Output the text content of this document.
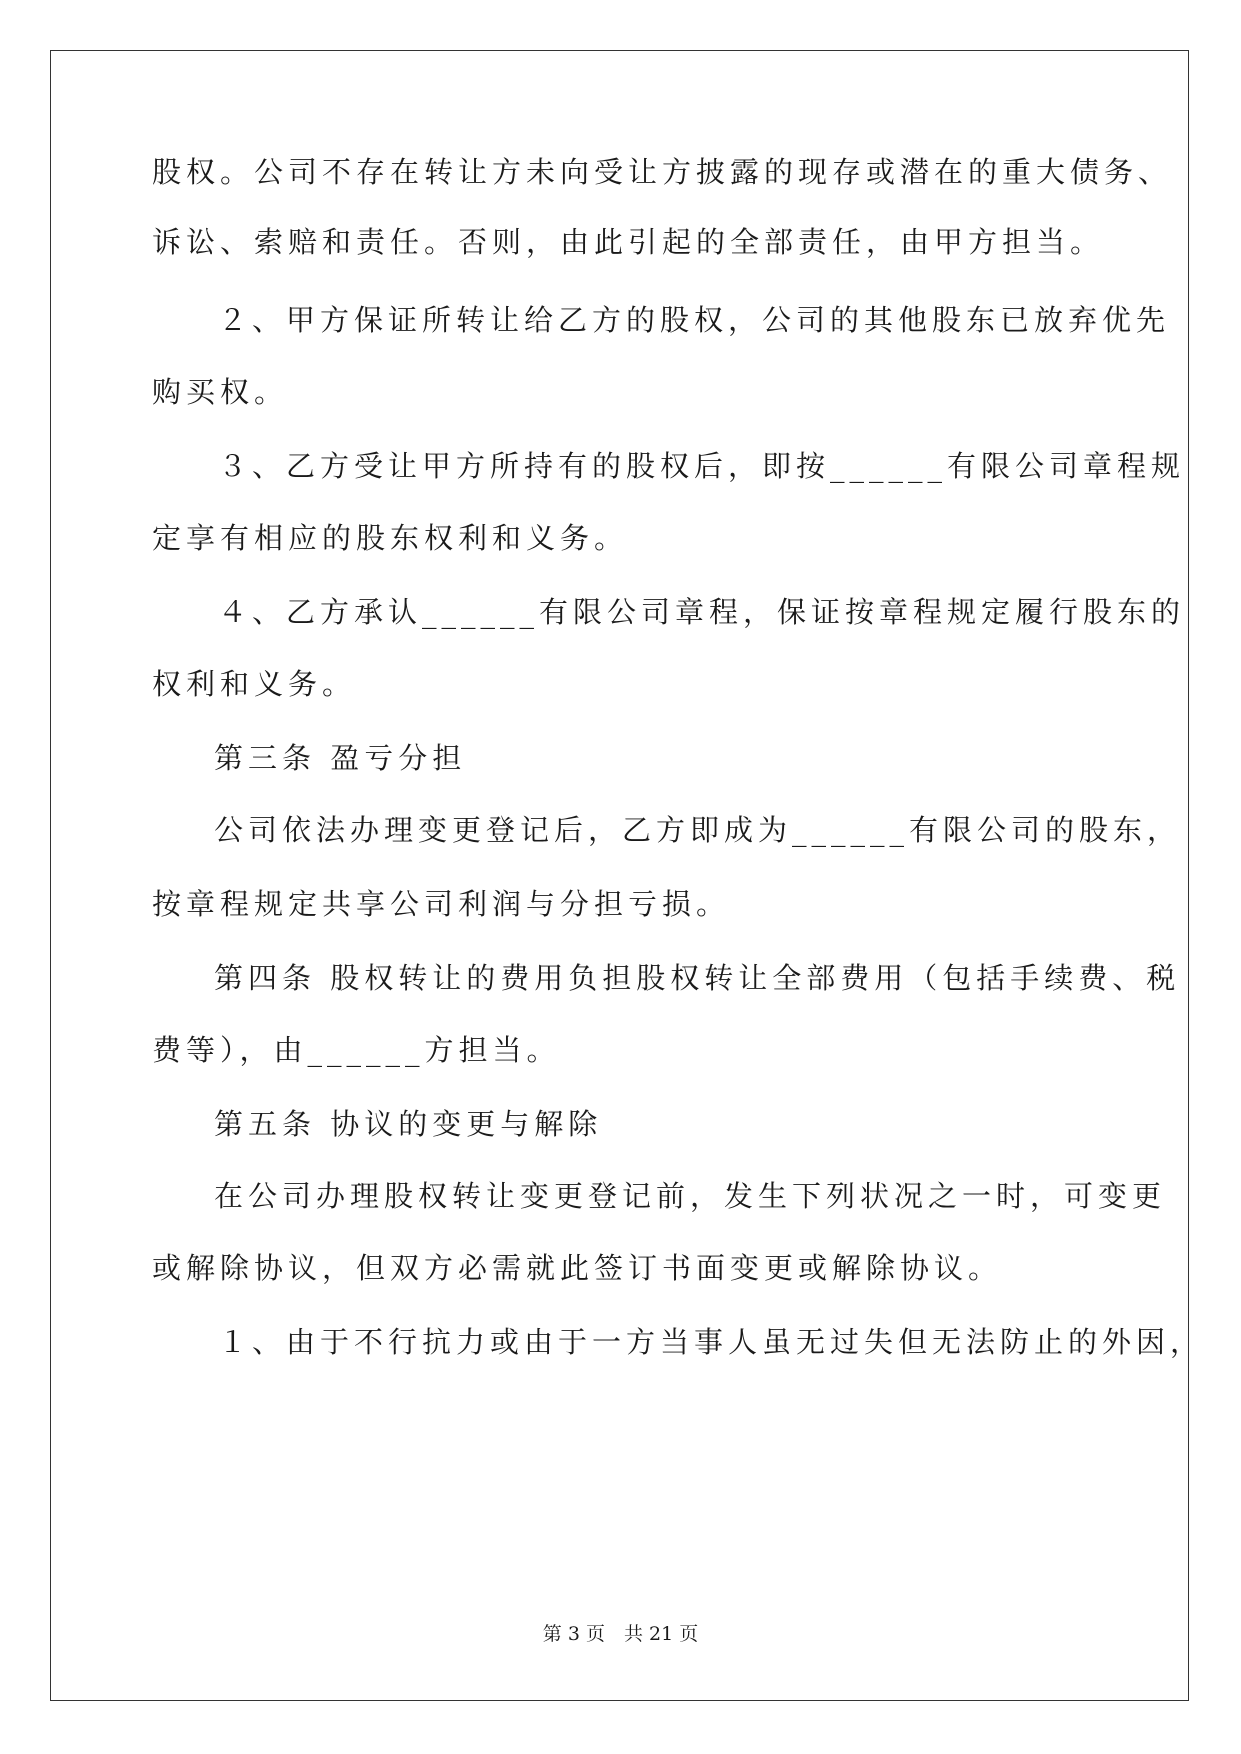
股权。公司不存在转让方未向受让方披露的现存或潜在的重大债务、
诉讼、索赔和责任。否则，由此引起的全部责任，由甲方担当。
２、甲方保证所转让给乙方的股权，公司的其他股东已放弃优先
购买权。
３、乙方受让甲方所持有的股权后，即按______有限公司章程规
定享有相应的股东权利和义务。
４、乙方承认______有限公司章程，保证按章程规定履行股东的
权利和义务。
第三条 盈亏分担
公司依法办理变更登记后，乙方即成为______有限公司的股东，
按章程规定共享公司利润与分担亏损。
第四条 股权转让的费用负担股权转让全部费用（包括手续费、税
费等），由______方担当。
第五条 协议的变更与解除
在公司办理股权转让变更登记前，发生下列状况之一时，可变更
或解除协议，但双方必需就此签订书面变更或解除协议。
１、由于不行抗力或由于一方当事人虽无过失但无法防止的外因，
第 3 页　共 21 页
